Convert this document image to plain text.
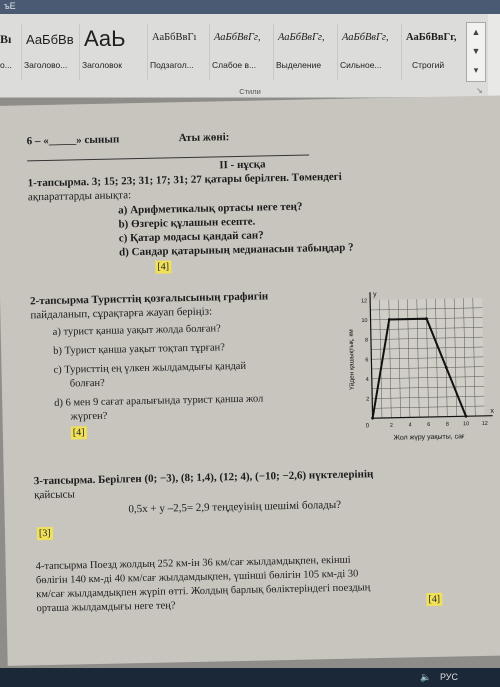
ъЕ
Вı
о...
АаБбВв
Заголово...
АаЬ
Заголовок
АаБбВвГı
Подзагол...
АаБбВвГг,
Слабое в...
АаБбВвГг,
Выделение
АаБбВвГг,
Сильное...
АаБбВвГг,
Строгий
▲
▼
▾
Стили	↘
6 – «_____» сынып	Аты жөні:
ІІ - нұсқа
1-тапсырма. 3; 15; 23; 31; 17; 31; 27 қатары берілген. Төмендегі
ақпараттарды анықта:
a) Арифметикалық ортасы неге тең?
b) Өзгеріс құлашын есепте.
c) Қатар модасы қандай сан?
d) Сандар қатарының медианасын табыңдар ?
[4]
2-тапсырма Туристтің қозғалысының графигін
пайдаланып, сұрақтарға жауап беріңіз:
a) турист қанша уақыт жолда болған?
b) Турист қанша уақыт тоқтап тұрған?
c) Туристтің ең үлкен жылдамдығы қандай
болған?
d) 6 мен 9 сағат аралығында турист қанша жол
жүрген?
[4]
y
x
0	2	4	6	8	10 12
2
4
6
8
10
12
Үйден қашықтық, км
Жол жүру уақыты, сағ
3-тапсырма. Берілген (0; −3), (8; 1,4), (12; 4), (−10; −2,6) нүктелерінің
қайсысы
0,5x + y –2,5= 2,9 теңдеуінің шешімі болады?
[3]
4-тапсырма Поезд жолдың 252 км-ін 36 км/сағ жылдамдықпен, екінші
бөлігін 140 км-ді 40 км/сағ жылдамдықпен, үшінші бөлігін 105 км-ді 30
км/сағ жылдамдықпен жүріп өтті. Жолдың барлық бөліктеріндегі поездың
орташа жылдамдығы неге тең?
[4]
🔈 РУС
